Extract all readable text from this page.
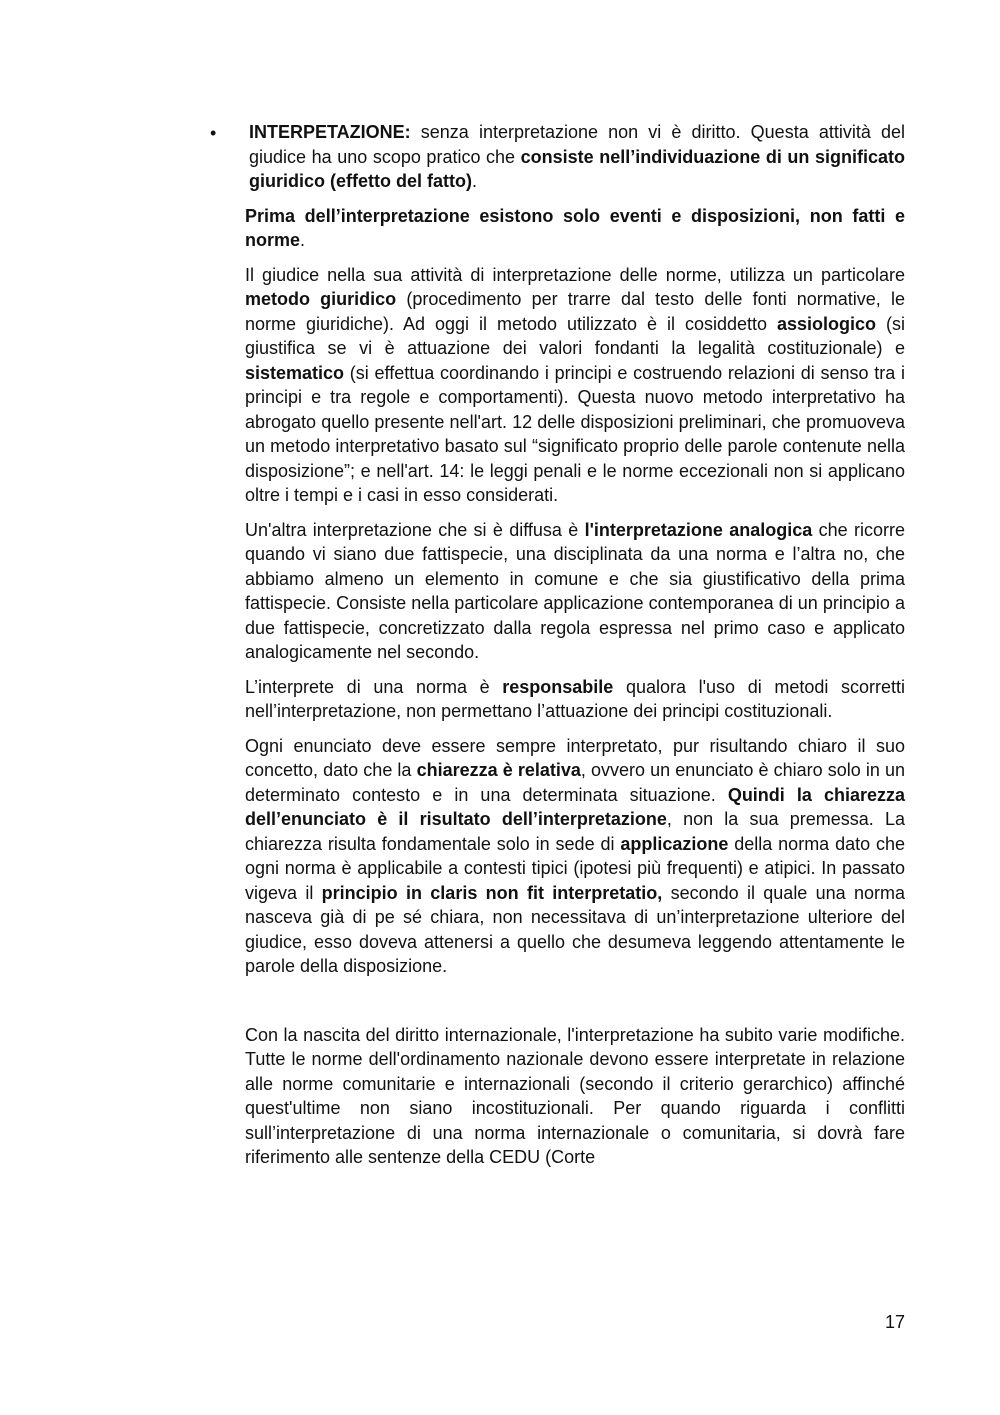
• INTERPETAZIONE: senza interpretazione non vi è diritto. Questa attività del giudice ha uno scopo pratico che consiste nell’individuazione di un significato giuridico (effetto del fatto).

Prima dell’interpretazione esistono solo eventi e disposizioni, non fatti e norme.

Il giudice nella sua attività di interpretazione delle norme, utilizza un particolare metodo giuridico (procedimento per trarre dal testo delle fonti normative, le norme giuridiche). Ad oggi il metodo utilizzato è il cosiddetto assiologico (si giustifica se vi è attuazione dei valori fondanti la legalità costituzionale) e sistematico (si effettua coordinando i principi e costruendo relazioni di senso tra i principi e tra regole e comportamenti). Questa nuovo metodo interpretativo ha abrogato quello presente nell'art. 12 delle disposizioni preliminari, che promuoveva un metodo interpretativo basato sul “significato proprio delle parole contenute nella disposizione”; e nell'art. 14: le leggi penali e le norme eccezionali non si applicano oltre i tempi e i casi in esso considerati.

Un'altra interpretazione che si è diffusa è l'interpretazione analogica che ricorre quando vi siano due fattispecie, una disciplinata da una norma e l’altra no, che abbiamo almeno un elemento in comune e che sia giustificativo della prima fattispecie. Consiste nella particolare applicazione contemporanea di un principio a due fattispecie, concretizzato dalla regola espressa nel primo caso e applicato analogicamente nel secondo.

L’interprete di una norma è responsabile qualora l'uso di metodi scorretti nell’interpretazione, non permettano l’attuazione dei principi costituzionali.

Ogni enunciato deve essere sempre interpretato, pur risultando chiaro il suo concetto, dato che la chiarezza è relativa, ovvero un enunciato è chiaro solo in un determinato contesto e in una determinata situazione. Quindi la chiarezza dell’enunciato è il risultato dell’interpretazione, non la sua premessa. La chiarezza risulta fondamentale solo in sede di applicazione della norma dato che ogni norma è applicabile a contesti tipici (ipotesi più frequenti) e atipici. In passato vigeva il principio in claris non fit interpretatio, secondo il quale una norma nasceva già di pe sé chiara, non necessitava di un’interpretazione ulteriore del giudice, esso doveva attenersi a quello che desumeva leggendo attentamente le parole della disposizione.

Con la nascita del diritto internazionale, l'interpretazione ha subito varie modifiche. Tutte le norme dell'ordinamento nazionale devono essere interpretate in relazione alle norme comunitarie e internazionali (secondo il criterio gerarchico) affinché quest'ultime non siano incostituzionali. Per quando riguarda i conflitti sull’interpretazione di una norma internazionale o comunitaria, si dovrà fare riferimento alle sentenze della CEDU (Corte

17
